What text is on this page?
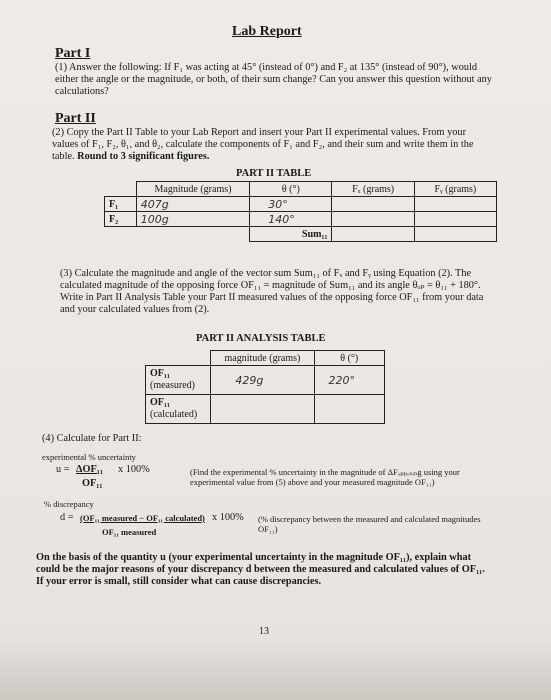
Lab Report
Part I
(1) Answer the following: If F₁ was acting at 45° (instead of 0°) and F₂ at 135° (instead of 90°), would either the angle or the magnitude, or both, of their sum change? Can you answer this question without any calculations?
Part II
(2) Copy the Part II Table to your Lab Report and insert your Part II experimental values. From your values of F₁, F₂, θ₁, and θ₂, calculate the components of F₁ and F₂, and their sum and write them in the table. Round to 3 significant figures.
PART II TABLE
	Magnitude (grams)	θ (°)	Fₓ (grams)	Fᵧ (grams)
F₁	407g	30°		
F₂	100g	140°		
		Sum₁₁		
(3) Calculate the magnitude and angle of the vector sum Sum₁₁ of Fₓ and Fᵧ using Equation (2). The calculated magnitude of the opposing force OF₁₁ = magnitude of Sum₁₁ and its angle θₒₚ = θ₁₁ + 180°. Write in Part II Analysis Table your Part II measured values of the opposing force OF₁₁ from your data and your calculated values from (2).
PART II ANALYSIS TABLE
	magnitude (grams)	θ (°)
OF₁₁
(measured)	429g	220°
OF₁₁
(calculated)		
(4) Calculate for Part II:
experimental % uncertainty
u = ΔOF₁₁ x 100%
OF₁₁
(Find the experimental % uncertainty in the magnitude of ΔFₒₚₚₒₛᵢₙg using your experimental value from (5) above and your measured magnitude OF₁₁)
% discrepancy
d = (OF₁₁ measured − OF₁₁ calculated) x 100%
OF₁₁ measured
(% discrepancy between the measured and calculated magnitudes OF₁₁)
On the basis of the quantity u (your experimental uncertainty in the magnitude OF₁₁), explain what could be the major reasons of your discrepancy d between the measured and calculated values of OF₁₁. If your error is small, still consider what can cause discrepancies.
13
